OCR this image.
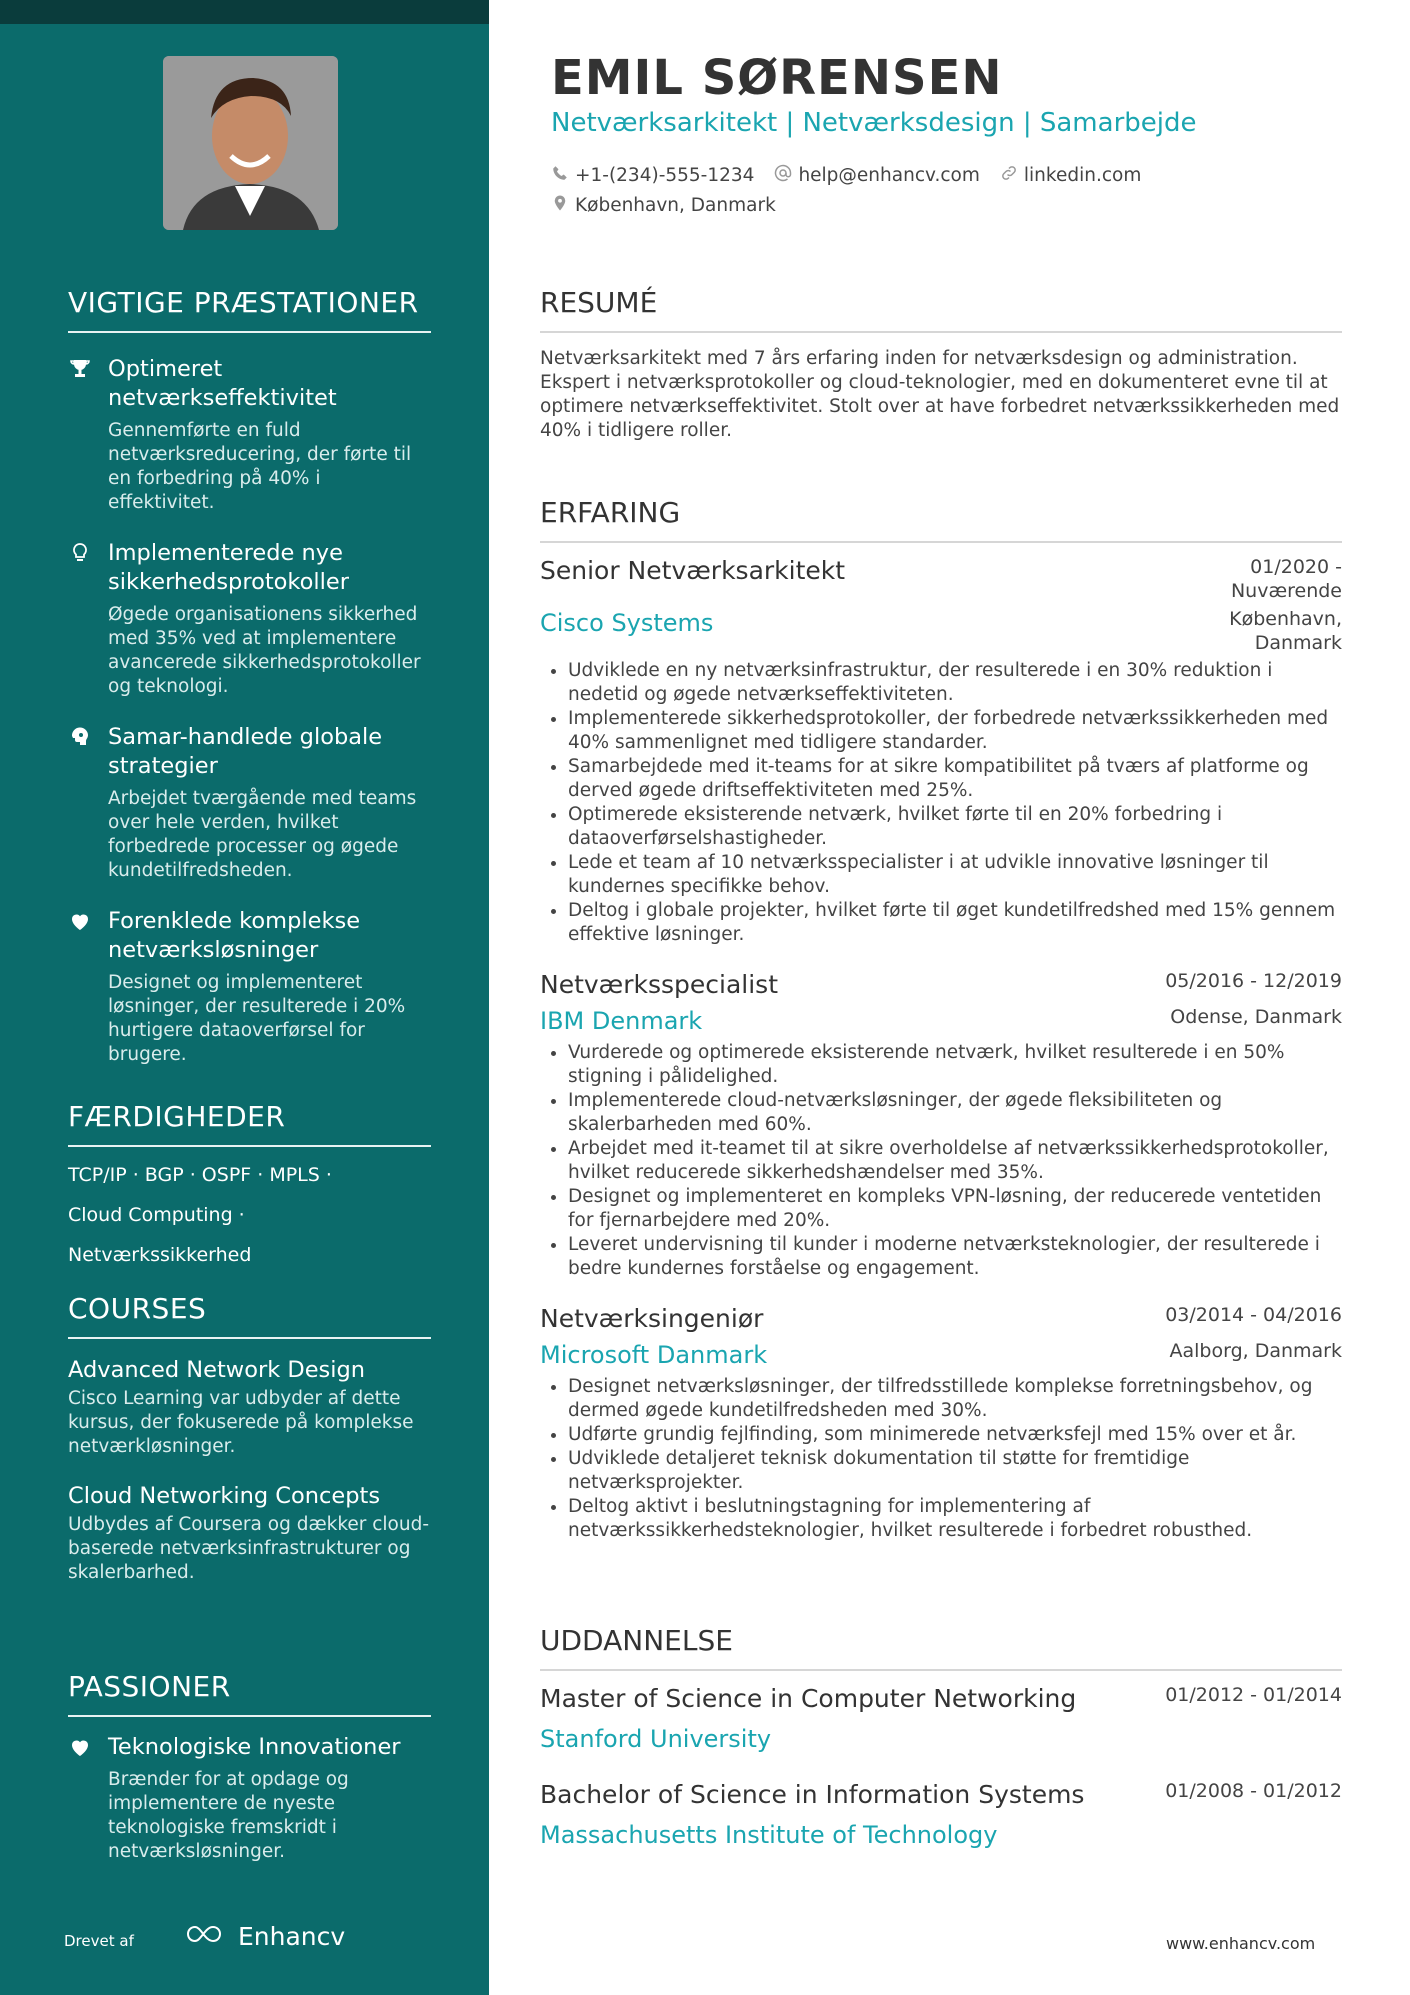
VIGTIGE PRÆSTATIONER
Optimeret netværkseffektivitet
Gennemførte en fuld netværksreducering, der førte til en forbedring på 40% i effektivitet.
Implementerede nye sikkerhedsprotokoller
Øgede organisationens sikkerhed med 35% ved at implementere avancerede sikkerhedsprotokoller og teknologi.
Samar-handlede globale strategier
Arbejdet tværgående med teams over hele verden, hvilket forbedrede processer og øgede kundetilfredsheden.
Forenklede komplekse netværksløsninger
Designet og implementeret løsninger, der resulterede i 20% hurtigere dataoverførsel for brugere.
FÆRDIGHEDER
TCP/IP · BGP · OSPF · MPLS ·
Cloud Computing · Netværkssikkerhed
COURSES
Advanced Network Design
Cisco Learning var udbyder af dette kursus, der fokuserede på komplekse netværkløsninger.
Cloud Networking Concepts
Udbydes af Coursera og dækker cloud-baserede netværksinfrastrukturer og skalerbarhed.
PASSIONER
Teknologiske Innovationer
Brænder for at opdage og implementere de nyeste teknologiske fremskridt i netværksløsninger.
Drevet af	Enhancv
EMIL SØRENSEN
Netværksarkitekt | Netværksdesign | Samarbejde
+1-(234)-555-1234 help@enhancv.com linkedin.com
København, Danmark
RESUMÉ
Netværksarkitekt med 7 års erfaring inden for netværksdesign og administration. Ekspert i netværksprotokoller og cloud-teknologier, med en dokumenteret evne til at optimere netværkseffektivitet. Stolt over at have forbedret netværkssikkerheden med 40% i tidligere roller.
ERFARING
Senior Netværksarkitekt	01/2020 - Nuværende
Cisco Systems	København, Danmark
• Udviklede en ny netværksinfrastruktur, der resulterede i en 30% reduktion i nedetid og øgede netværkseffektiviteten.
• Implementerede sikkerhedsprotokoller, der forbedrede netværkssikkerheden med 40% sammenlignet med tidligere standarder.
• Samarbejdede med it-teams for at sikre kompatibilitet på tværs af platforme og derved øgede driftseffektiviteten med 25%.
• Optimerede eksisterende netværk, hvilket førte til en 20% forbedring i dataoverførselshastigheder.
• Lede et team af 10 netværksspecialister i at udvikle innovative løsninger til kundernes specifikke behov.
• Deltog i globale projekter, hvilket førte til øget kundetilfredshed med 15% gennem effektive løsninger.
Netværksspecialist	05/2016 - 12/2019
IBM Denmark	Odense, Danmark
• Vurderede og optimerede eksisterende netværk, hvilket resulterede i en 50% stigning i pålidelighed.
• Implementerede cloud-netværksløsninger, der øgede fleksibiliteten og skalerbarheden med 60%.
• Arbejdet med it-teamet til at sikre overholdelse af netværkssikkerhedsprotokoller, hvilket reducerede sikkerhedshændelser med 35%.
• Designet og implementeret en kompleks VPN-løsning, der reducerede ventetiden for fjernarbejdere med 20%.
• Leveret undervisning til kunder i moderne netværksteknologier, der resulterede i bedre kundernes forståelse og engagement.
Netværksingeniør	03/2014 - 04/2016
Microsoft Danmark	Aalborg, Danmark
• Designet netværksløsninger, der tilfredsstillede komplekse forretningsbehov, og dermed øgede kundetilfredsheden med 30%.
• Udførte grundig fejlfinding, som minimerede netværksfejl med 15% over et år.
• Udviklede detaljeret teknisk dokumentation til støtte for fremtidige netværksprojekter.
• Deltog aktivt i beslutningstagning for implementering af netværkssikkerhedsteknologier, hvilket resulterede i forbedret robusthed.
UDDANNELSE
Master of Science in Computer Networking	01/2012 - 01/2014
Stanford University
Bachelor of Science in Information Systems	01/2008 - 01/2012
Massachusetts Institute of Technology
www.enhancv.com
